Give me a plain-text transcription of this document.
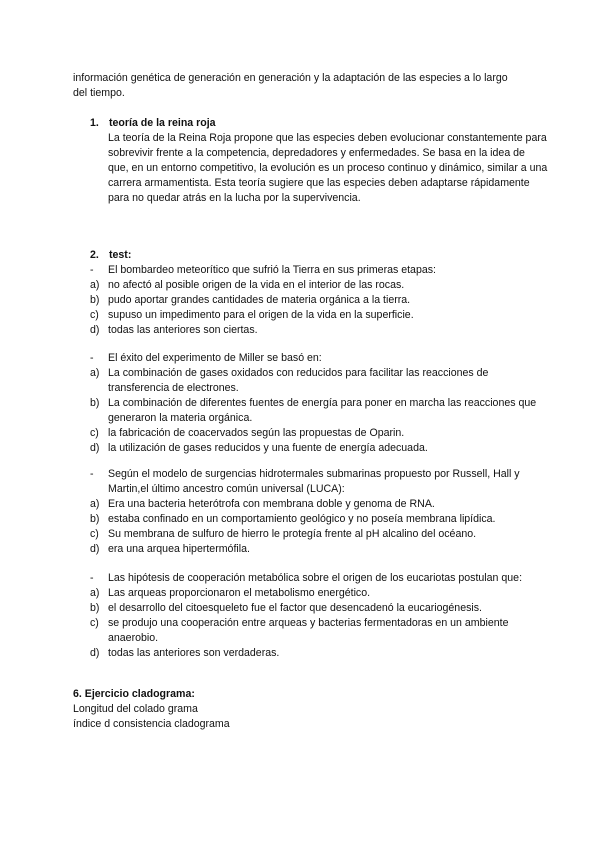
información genética de generación en generación y la adaptación de las especies a lo largo

del tiempo.

1. teoría de la reina roja
La teoría de la Reina Roja propone que las especies deben evolucionar constantemente para sobrevivir frente a la competencia, depredadores y enfermedades. Se basa en la idea de que, en un entorno competitivo, la evolución es un proceso continuo y dinámico, similar a una carrera armamentista. Esta teoría sugiere que las especies deben adaptarse rápidamente para no quedar atrás en la lucha por la supervivencia.
2. test:
- El bombardeo meteorítico que sufrió la Tierra en sus primeras etapas:
a) no afectó al posible origen de la vida en el interior de las rocas.
b) pudo aportar grandes cantidades de materia orgánica a la tierra.
c) supuso un impedimento para el origen de la vida en la superficie.
d) todas las anteriores son ciertas.
- El éxito del experimento de Miller se basó en:
a) La combinación de gases oxidados con reducidos para facilitar las reacciones de transferencia de electrones.
b) La combinación de diferentes fuentes de energía para poner en marcha las reacciones que generaron la materia orgánica.
c) la fabricación de coacervados según las propuestas de Oparin.
d) la utilización de gases reducidos y una fuente de energía adecuada.
- Según el modelo de surgencias hidrotermales submarinas propuesto por Russell, Hall y Martin,el último ancestro común universal (LUCA):
a) Era una bacteria heterótrofa con membrana doble y genoma de RNA.
b) estaba confinado en un comportamiento geológico y no poseía membrana lipídica.
c) Su membrana de sulfuro de hierro le protegía frente al pH alcalino del océano.
d) era una arquea hipertermófila.
- Las hipótesis de cooperación metabólica sobre el origen de los eucariotas postulan que:
a) Las arqueas proporcionaron el metabolismo energético.
b) el desarrollo del citoesqueleto fue el factor que desencadenó la eucariogénesis.
c) se produjo una cooperación entre arqueas y bacterias fermentadoras en un ambiente anaerobio.
d) todas las anteriores son verdaderas.
6. Ejercicio cladograma:
Longitud del colado grama
índice d consistencia cladograma
